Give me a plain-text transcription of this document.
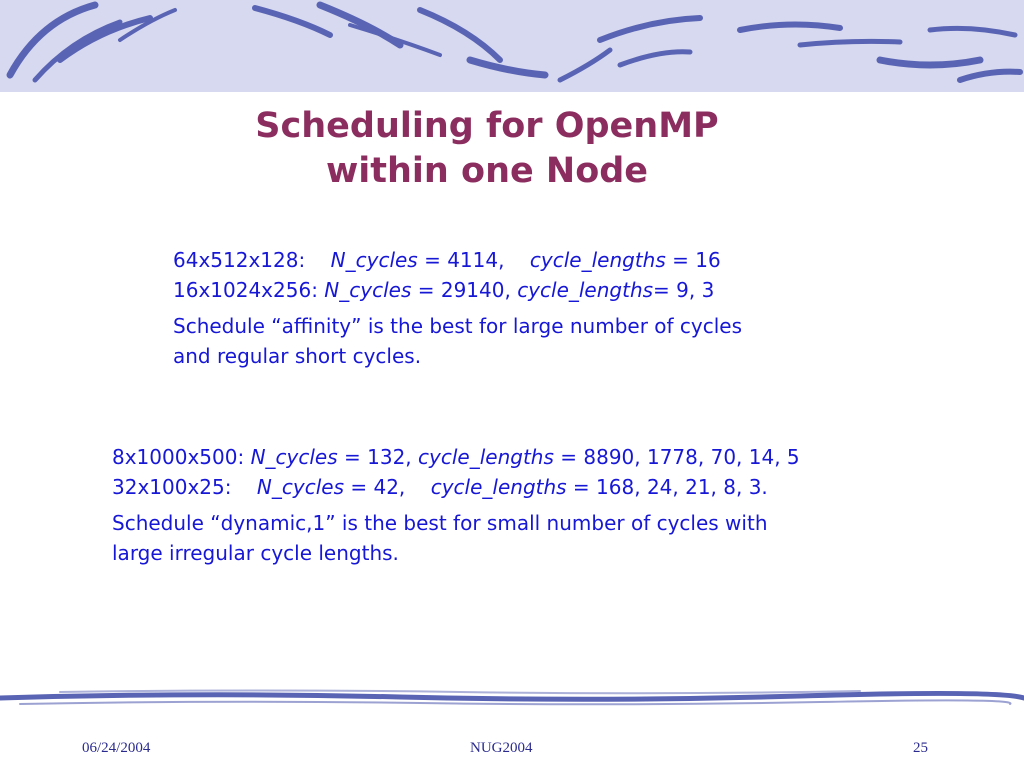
Scheduling for OpenMP
within one Node
64x512x128: N_cycles = 4114, cycle_lengths = 16
16x1024x256: N_cycles = 29140, cycle_lengths= 9, 3
Schedule “affinity” is the best for large number of cycles
and regular short cycles.
8x1000x500: N_cycles = 132, cycle_lengths = 8890, 1778, 70, 14, 5
32x100x25: N_cycles = 42, cycle_lengths = 168, 24, 21, 8, 3.
Schedule “dynamic,1” is the best for small number of cycles with
large irregular cycle lengths.
06/24/2004	NUG2004	25
